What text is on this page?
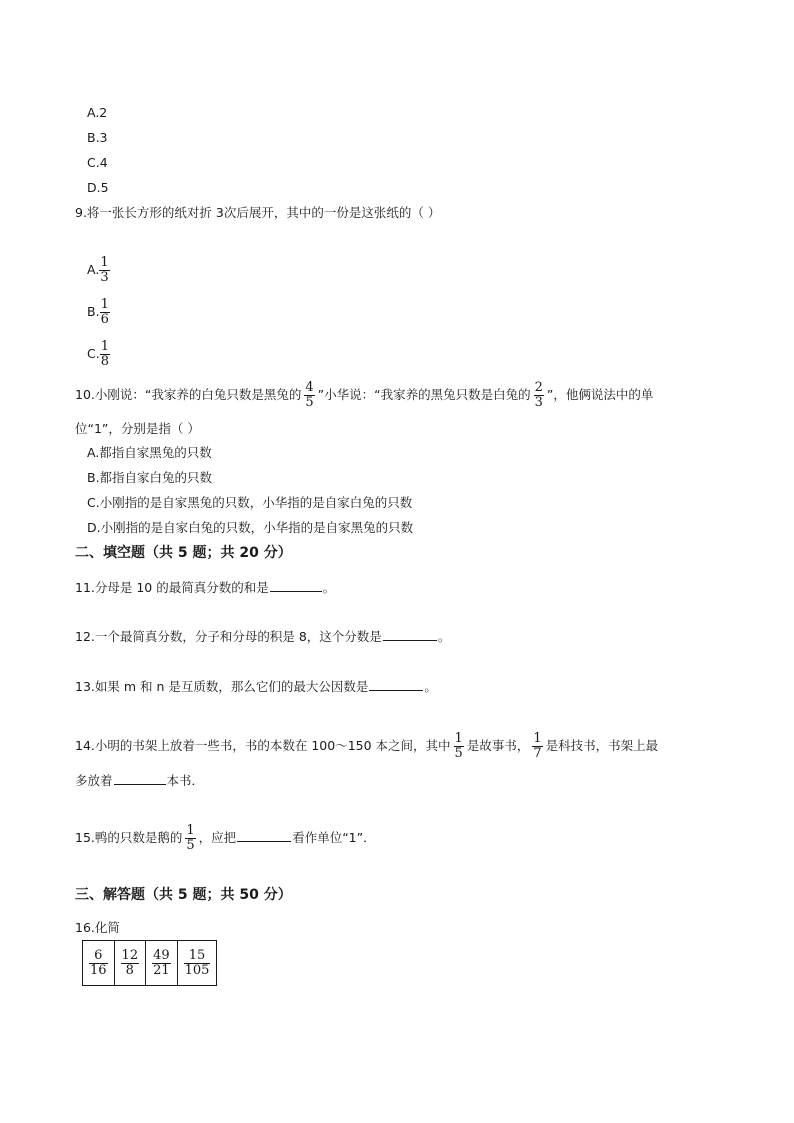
A.2
B.3
C.4
D.5
9.将一张长方形的纸对折 3次后展开，其中的一份是这张纸的（ ）
A. $\frac{1}{3}$
B. $\frac{1}{6}$
C. $\frac{1}{8}$
10.小刚说：“我家养的白兔只数是黑兔的 $\frac{4}{5}$ ”小华说：“我家养的黑兔只数是白兔的 $\frac{2}{3}$ ”，他俩说法中的单
位“1”，分别是指（ ）
A.都指自家黑兔的只数
B.都指自家白兔的只数
C.小刚指的是自家黑兔的只数，小华指的是自家白兔的只数
D.小刚指的是自家白兔的只数，小华指的是自家黑兔的只数
二、填空题（共 5 题；共 20 分）
11.分母是 10 的最简真分数的和是	。
12.一个最简真分数，分子和分母的积是 8，这个分数是	。
13.如果 m 和 n 是互质数，那么它们的最大公因数是	。
14.小明的书架上放着一些书，书的本数在 100～150 本之间，其中 $\frac{1}{5}$ 是故事书， $\frac{1}{7}$ 是科技书，书架上最
多放着	本书．
15.鸭的只数是鹅的 $\frac{1}{5}$ ，应把	看作单位“1”．
三、解答题（共 5 题；共 50 分）
16.化简
$\frac{6}{16}$	$\frac{12}{8}$	$\frac{49}{21}$	$\frac{15}{105}$
